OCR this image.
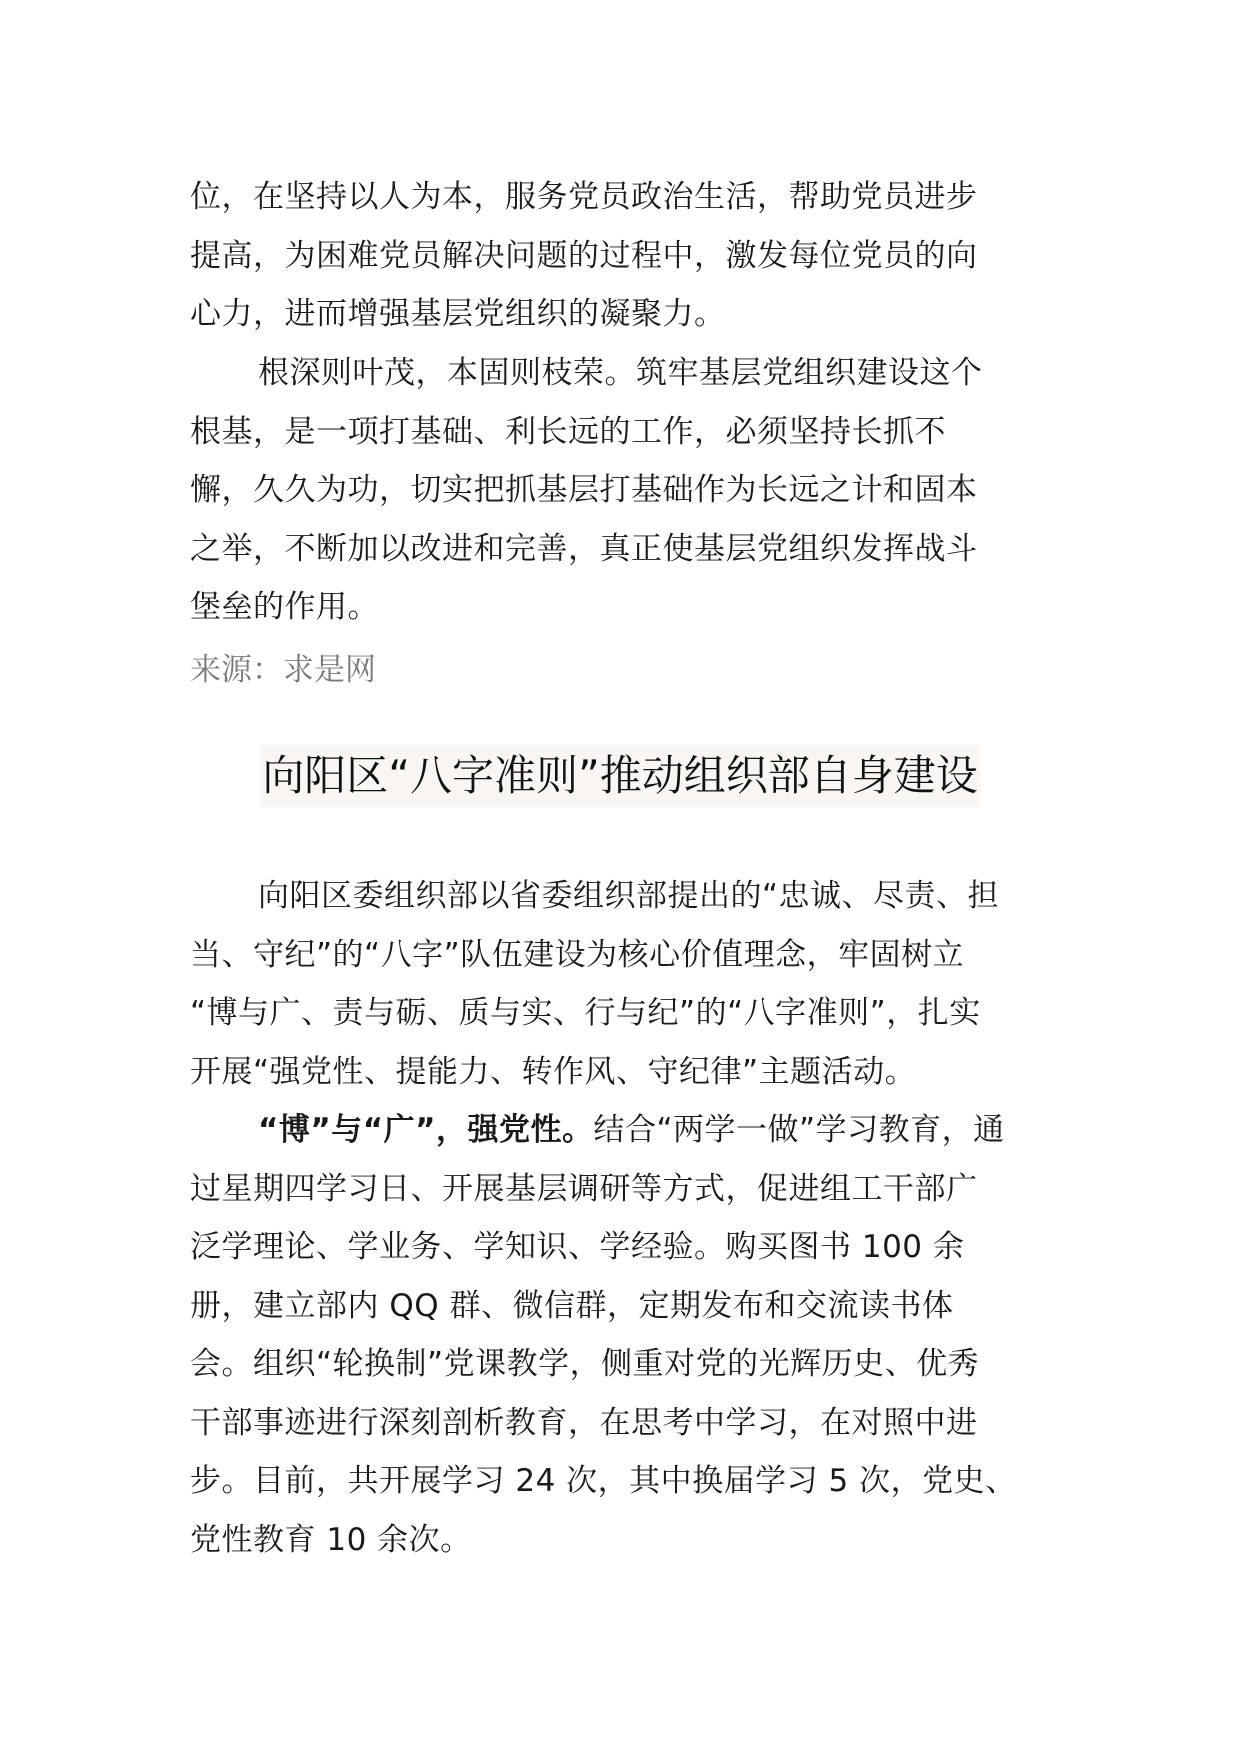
位，在坚持以人为本，服务党员政治生活，帮助党员进步
提高，为困难党员解决问题的过程中，激发每位党员的向
心力，进而增强基层党组织的凝聚力。
根深则叶茂，本固则枝荣。筑牢基层党组织建设这个
根基，是一项打基础、利长远的工作，必须坚持长抓不
懈，久久为功，切实把抓基层打基础作为长远之计和固本
之举，不断加以改进和完善，真正使基层党组织发挥战斗
堡垒的作用。
来源：求是网
向阳区“八字准则”推动组织部自身建设
向阳区委组织部以省委组织部提出的“忠诚、尽责、担
当、守纪”的“八字”队伍建设为核心价值理念，牢固树立
“博与广、责与砺、质与实、行与纪”的“八字准则”，扎实
开展“强党性、提能力、转作风、守纪律”主题活动。
“博”与“广”，强党性。结合“两学一做”学习教育，通
过星期四学习日、开展基层调研等方式，促进组工干部广
泛学理论、学业务、学知识、学经验。购买图书 100 余
册，建立部内 QQ 群、微信群，定期发布和交流读书体
会。组织“轮换制”党课教学，侧重对党的光辉历史、优秀
干部事迹进行深刻剖析教育，在思考中学习，在对照中进
步。目前，共开展学习 24 次，其中换届学习 5 次，党史、
党性教育 10 余次。
